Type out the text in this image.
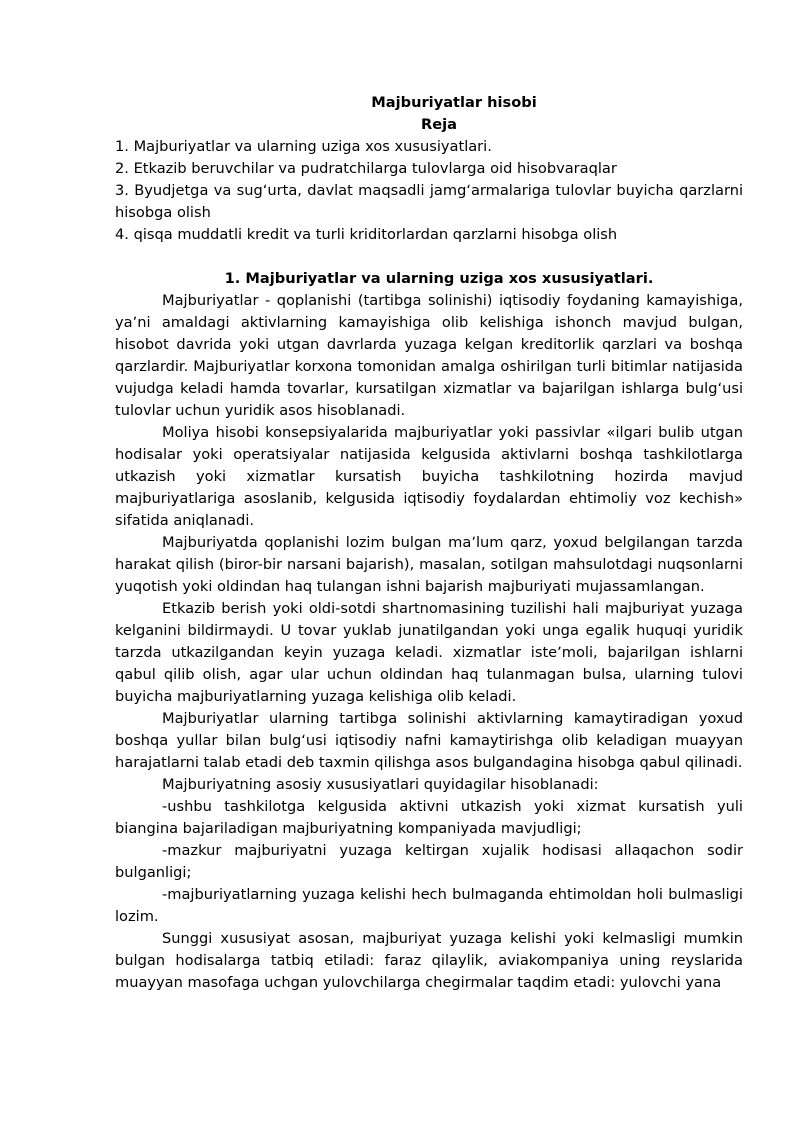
Majburiyatlar hisobi

Reja

1. Majburiyatlar va ularning uziga xos xususiyatlari.

2. Etkazib beruvchilar va pudratchilarga tulovlarga oid hisobvaraqlar

3. Byudjetga va sugʻurta, davlat maqsadli jamgʻarmalariga tulovlar buyicha qarzlarni hisobga olish

4. qisqa muddatli kredit va turli kriditorlardan qarzlarni hisobga olish

1. Majburiyatlar va ularning uziga xos xususiyatlari.

Majburiyatlar - qoplanishi (tartibga solinishi) iqtisodiy foydaning kamayishiga, yaʼni amaldagi aktivlarning kamayishiga olib kelishiga ishonch mavjud bulgan, hisobot davrida yoki utgan davrlarda yuzaga kelgan kreditorlik qarzlari va boshqa qarzlardir. Majburiyatlar korxona tomonidan amalga oshirilgan turli bitimlar natijasida vujudga keladi hamda tovarlar, kursatilgan xizmatlar va bajarilgan ishlarga bulgʻusi tulovlar uchun yuridik asos hisoblanadi.

Moliya hisobi konsepsiyalarida majburiyatlar yoki passivlar «ilgari bulib utgan hodisalar yoki operatsiyalar natijasida kelgusida aktivlarni boshqa tashkilotlarga utkazish yoki xizmatlar kursatish buyicha tashkilotning hozirda mavjud majburiyatlariga asoslanib, kelgusida iqtisodiy foydalardan ehtimoliy voz kechish» sifatida aniqlanadi.

Majburiyatda qoplanishi lozim bulgan maʼlum qarz, yoxud belgilangan tarzda harakat qilish (biror-bir narsani bajarish), masalan, sotilgan mahsulotdagi nuqsonlarni yuqotish yoki oldindan haq tulangan ishni bajarish majburiyati mujassamlangan.

Etkazib berish yoki oldi-sotdi shartnomasining tuzilishi hali majburiyat yuzaga kelganini bildirmaydi. U tovar yuklab junatilgandan yoki unga egalik huquqi yuridik tarzda utkazilgandan keyin yuzaga keladi. xizmatlar isteʼmoli, bajarilgan ishlarni qabul qilib olish, agar ular uchun oldindan haq tulanmagan bulsa, ularning tulovi buyicha majburiyatlarning yuzaga kelishiga olib keladi.

Majburiyatlar ularning tartibga solinishi aktivlarning kamaytiradigan yoxud boshqa yullar bilan bulgʻusi iqtisodiy nafni kamaytirishga olib keladigan muayyan harajatlarni talab etadi deb taxmin qilishga asos bulgandagina hisobga qabul qilinadi.

Majburiyatning asosiy xususiyatlari quyidagilar hisoblanadi:

-ushbu tashkilotga kelgusida aktivni utkazish yoki xizmat kursatish yuli biangina bajariladigan majburiyatning kompaniyada mavjudligi;

-mazkur majburiyatni yuzaga keltirgan xujalik hodisasi allaqachon sodir bulganligi;

-majburiyatlarning yuzaga kelishi hech bulmaganda ehtimoldan holi bulmasligi lozim.

Sunggi xususiyat asosan, majburiyat yuzaga kelishi yoki kelmasligi mumkin bulgan hodisalarga tatbiq etiladi: faraz qilaylik, aviakompaniya uning reyslarida muayyan masofaga uchgan yulovchilarga chegirmalar taqdim etadi: yulovchi yana
